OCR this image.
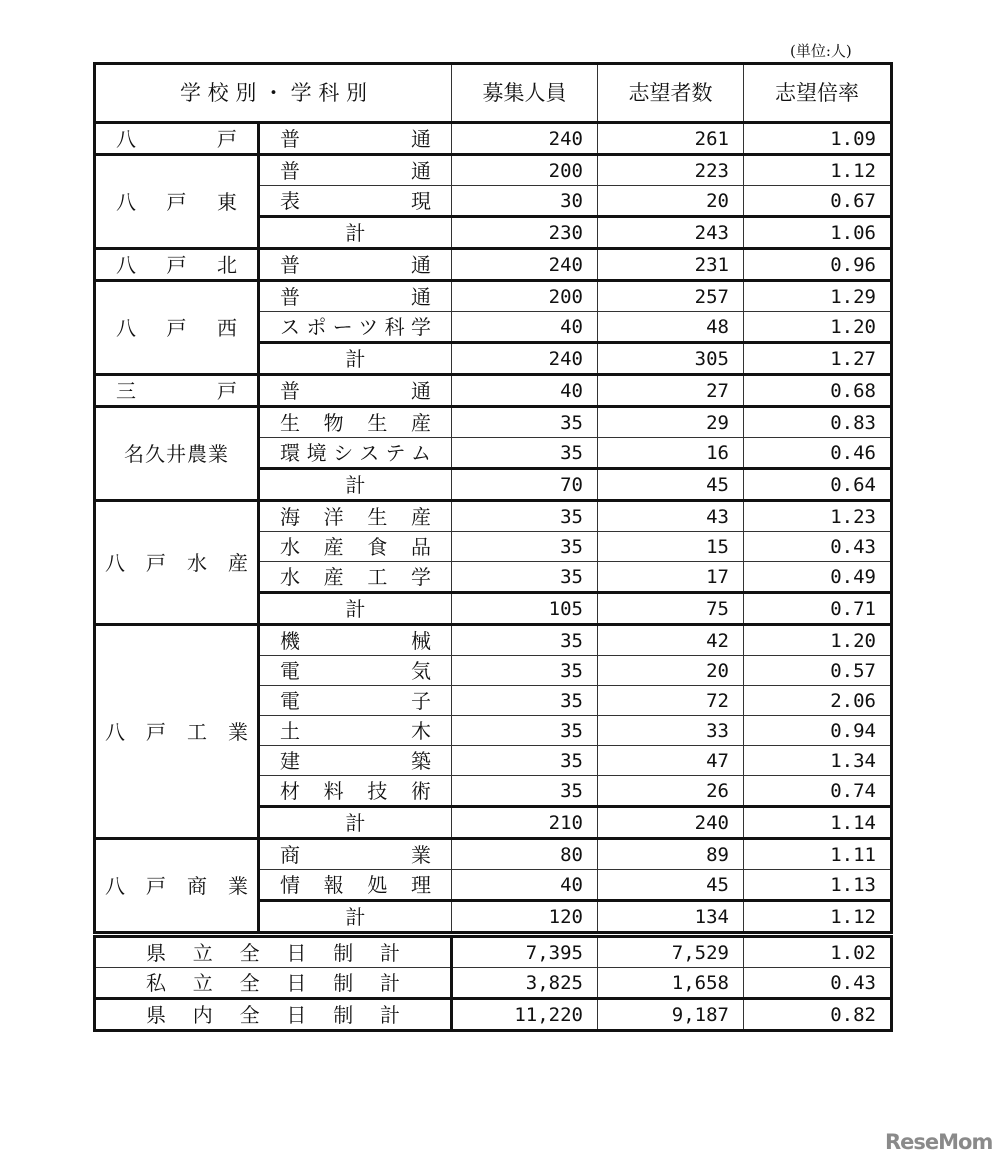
(単位:人)
学 校 別 ・ 学 科 別		募集人員	志望者数	志望倍率
八戸	普通	240	261	1.09
八戸東	普通	200	223	1.12
	表現	30	20	0.67
	計	230	243	1.06
八戸北	普通	240	231	0.96
八戸西	普通	200	257	1.29
	スポーツ科学	40	48	1.20
	計	240	305	1.27
三戸	普通	40	27	0.68
名久井農業	生物生産	35	29	0.83
	環境システム	35	16	0.46
	計	70	45	0.64
八戸水産	海洋生産	35	43	1.23
	水産食品	35	15	0.43
	水産工学	35	17	0.49
	計	105	75	0.71
八戸工業	機械	35	42	1.20
	電気	35	20	0.57
	電子	35	72	2.06
	土木	35	33	0.94
	建築	35	47	1.34
	材料技術	35	26	0.74
	計	210	240	1.14
八戸商業	商業	80	89	1.11
	情報処理	40	45	1.13
	計	120	134	1.12
県立全日制計	7,395	7,529	1.02
私立全日制計	3,825	1,658	0.43
県内全日制計	11,220	9,187	0.82
ReseMom
